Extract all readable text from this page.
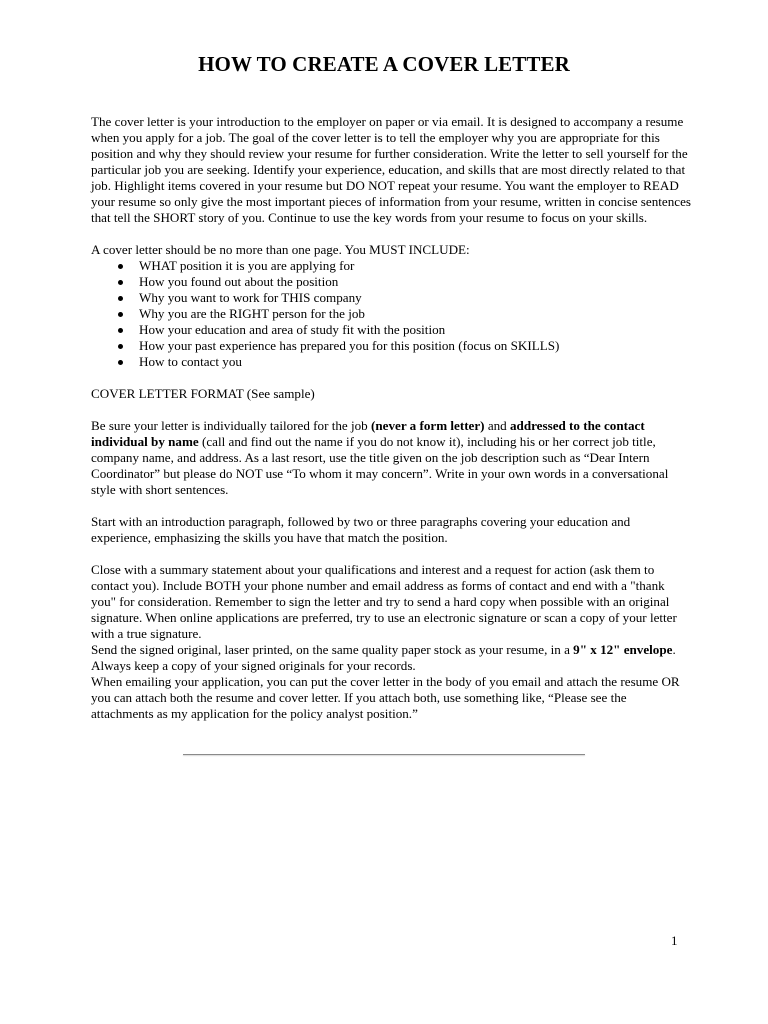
HOW TO CREATE A COVER LETTER

The cover letter is your introduction to the employer on paper or via email. It is designed to accompany a resume when you apply for a job. The goal of the cover letter is to tell the employer why you are appropriate for this position and why they should review your resume for further consideration. Write the letter to sell yourself for the particular job you are seeking. Identify your experience, education, and skills that are most directly related to that job. Highlight items covered in your resume but DO NOT repeat your resume. You want the employer to READ your resume so only give the most important pieces of information from your resume, written in concise sentences that tell the SHORT story of you. Continue to use the key words from your resume to focus on your skills.

A cover letter should be no more than one page. You MUST INCLUDE:

WHAT position it is you are applying for
How you found out about the position
Why you want to work for THIS company
Why you are the RIGHT person for the job
How your education and area of study fit with the position
How your past experience has prepared you for this position (focus on SKILLS)
How to contact you

COVER LETTER FORMAT (See sample)

Be sure your letter is individually tailored for the job (never a form letter) and addressed to the contact individual by name (call and find out the name if you do not know it), including his or her correct job title, company name, and address. As a last resort, use the title given on the job description such as “Dear Intern Coordinator” but please do NOT use “To whom it may concern”. Write in your own words in a conversational style with short sentences.

Start with an introduction paragraph, followed by two or three paragraphs covering your education and experience, emphasizing the skills you have that match the position.

Close with a summary statement about your qualifications and interest and a request for action (ask them to contact you). Include BOTH your phone number and email address as forms of contact and end with a "thank you" for consideration. Remember to sign the letter and try to send a hard copy when possible with an original signature. When online applications are preferred, try to use an electronic signature or scan a copy of your letter with a true signature.

Send the signed original, laser printed, on the same quality paper stock as your resume, in a 9" x 12" envelope. Always keep a copy of your signed originals for your records.

When emailing your application, you can put the cover letter in the body of you email and attach the resume OR you can attach both the resume and cover letter. If you attach both, use something like, “Please see the attachments as my application for the policy analyst position.”

1
